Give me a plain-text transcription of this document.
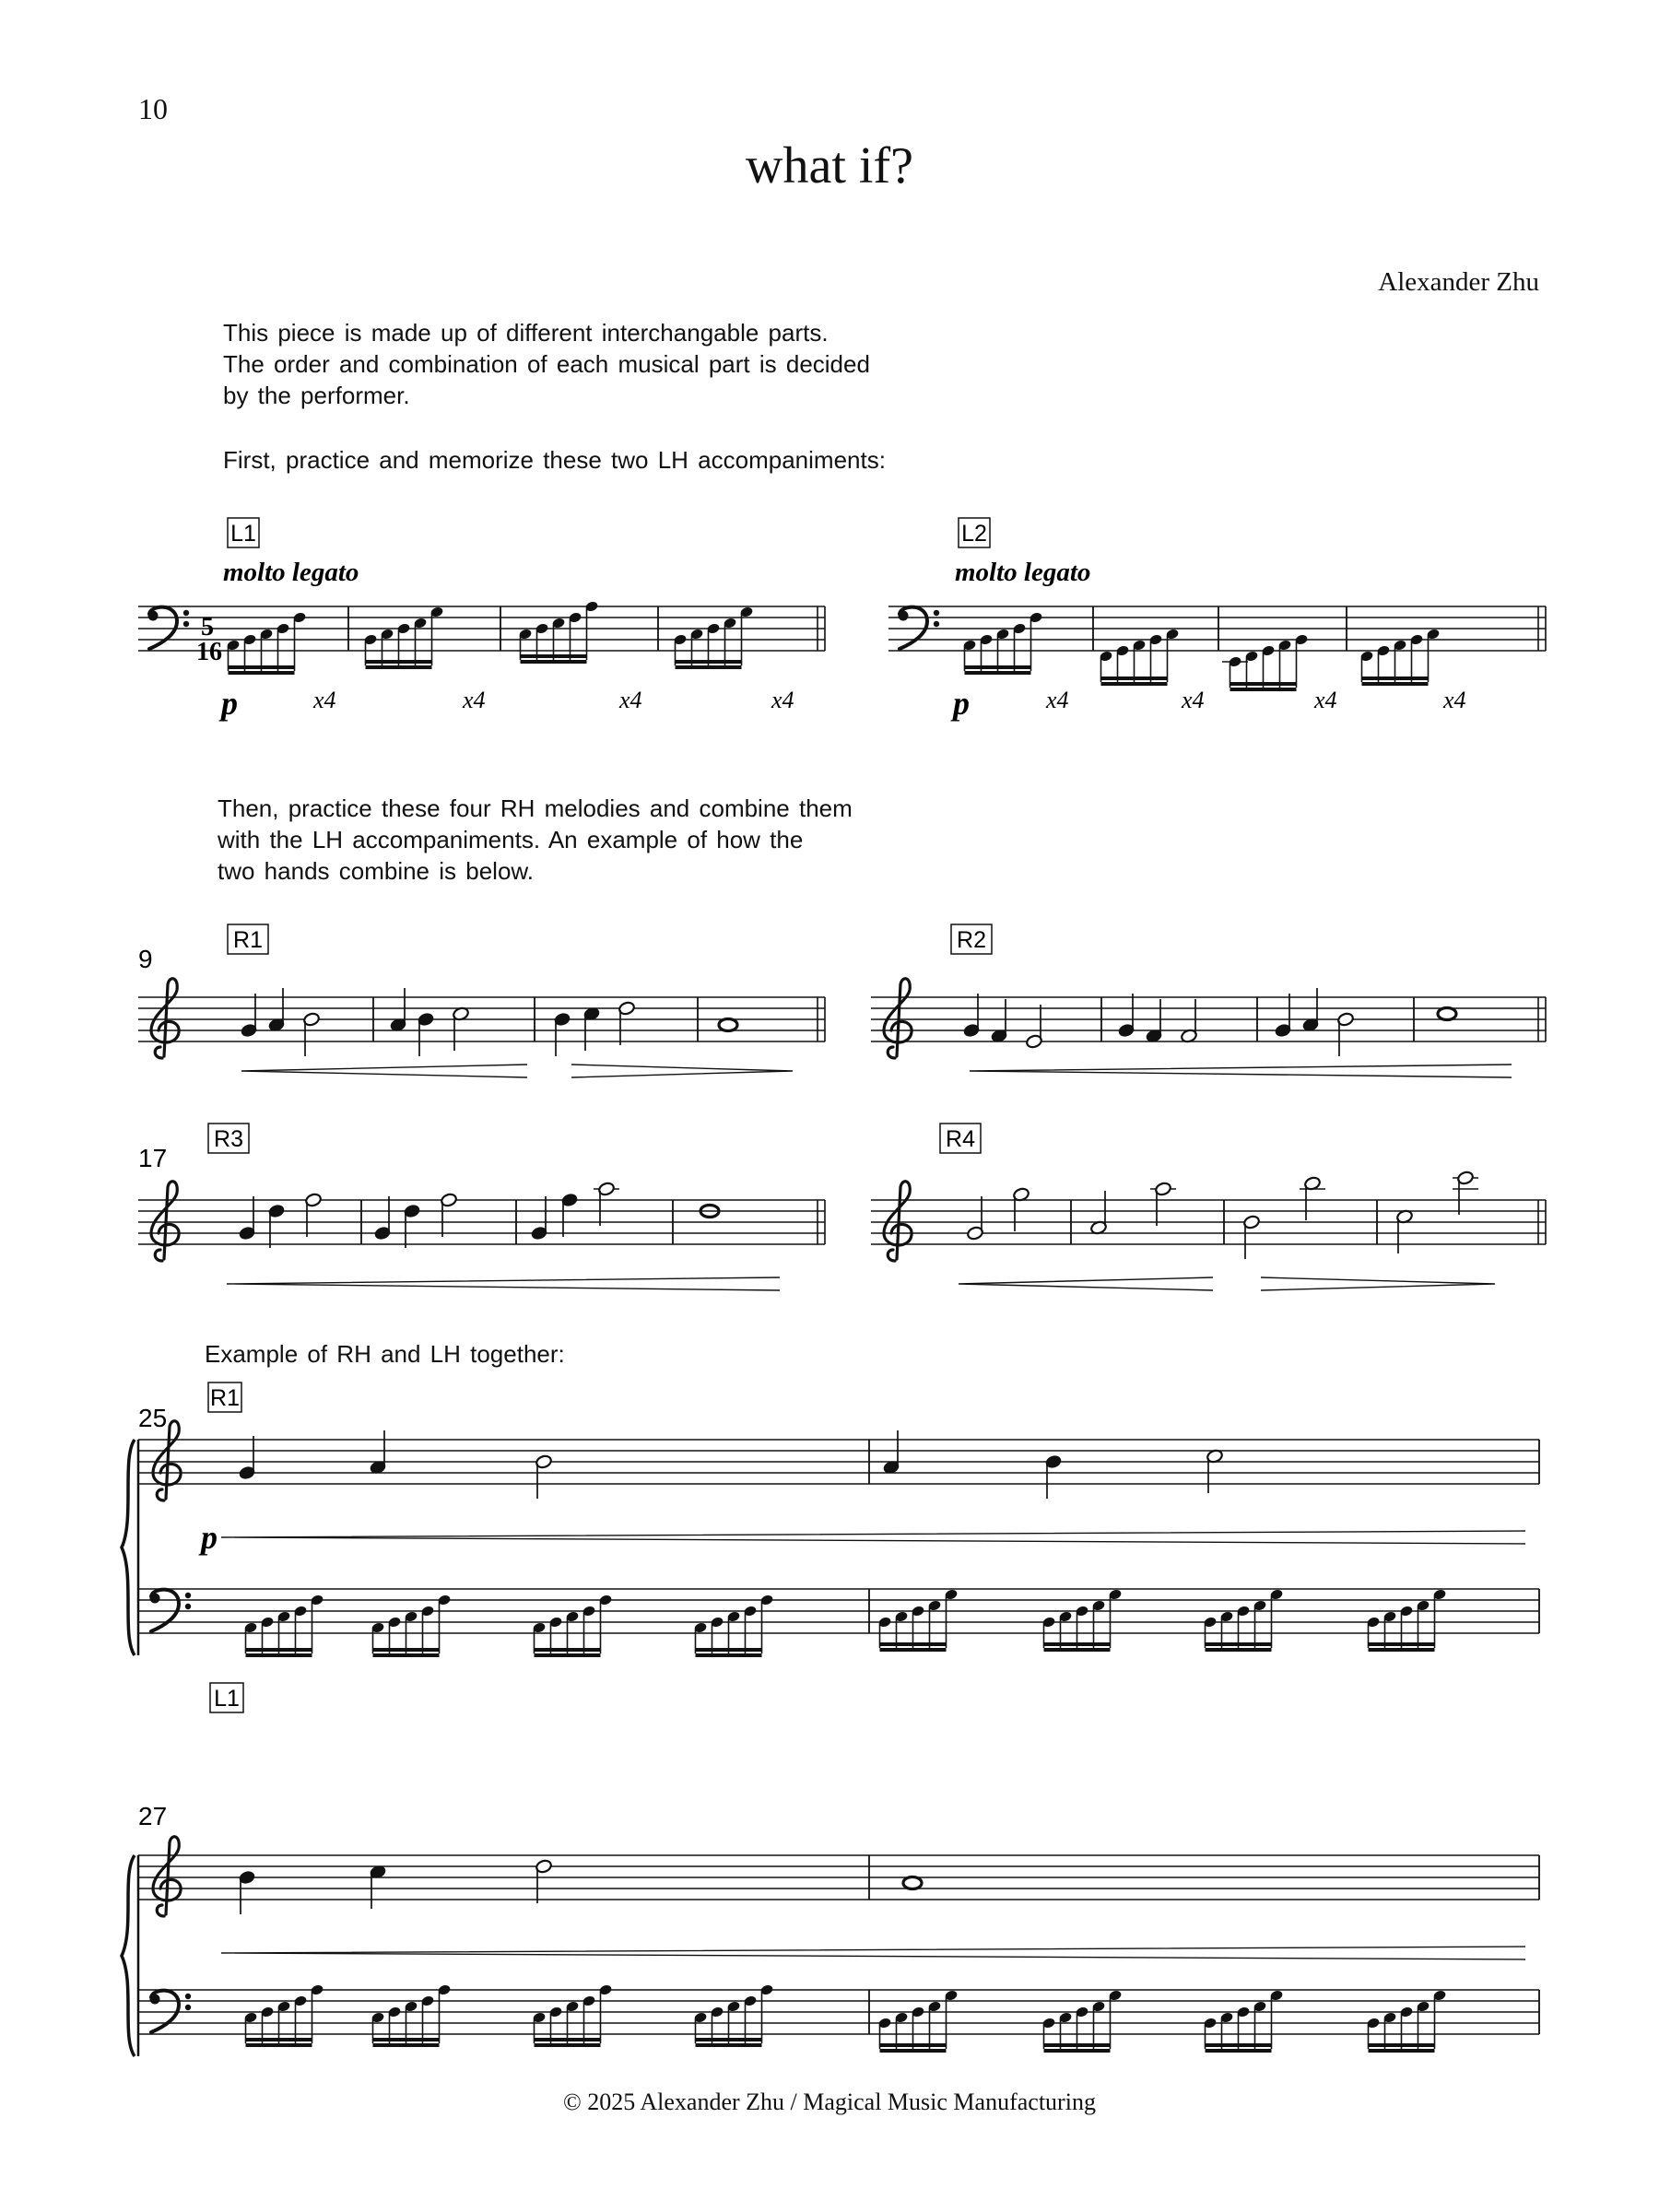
10
what if?
Alexander Zhu
This piece is made up of different interchangable parts.
The order and combination of each musical part is decided
by the performer.
First, practice and memorize these two LH accompaniments:
Then, practice these four RH melodies and combine them
with the LH accompaniments. An example of how the
two hands combine is below.
Example of RH and LH together:
L1
molto legato
5
16
p	x4	x4	x4	x4
L2
molto legato
p	x4	x4	x4	x4
9
R1	R2
17
R3	R4
25
R1
p
L1
27
© 2025 Alexander Zhu / Magical Music Manufacturing
